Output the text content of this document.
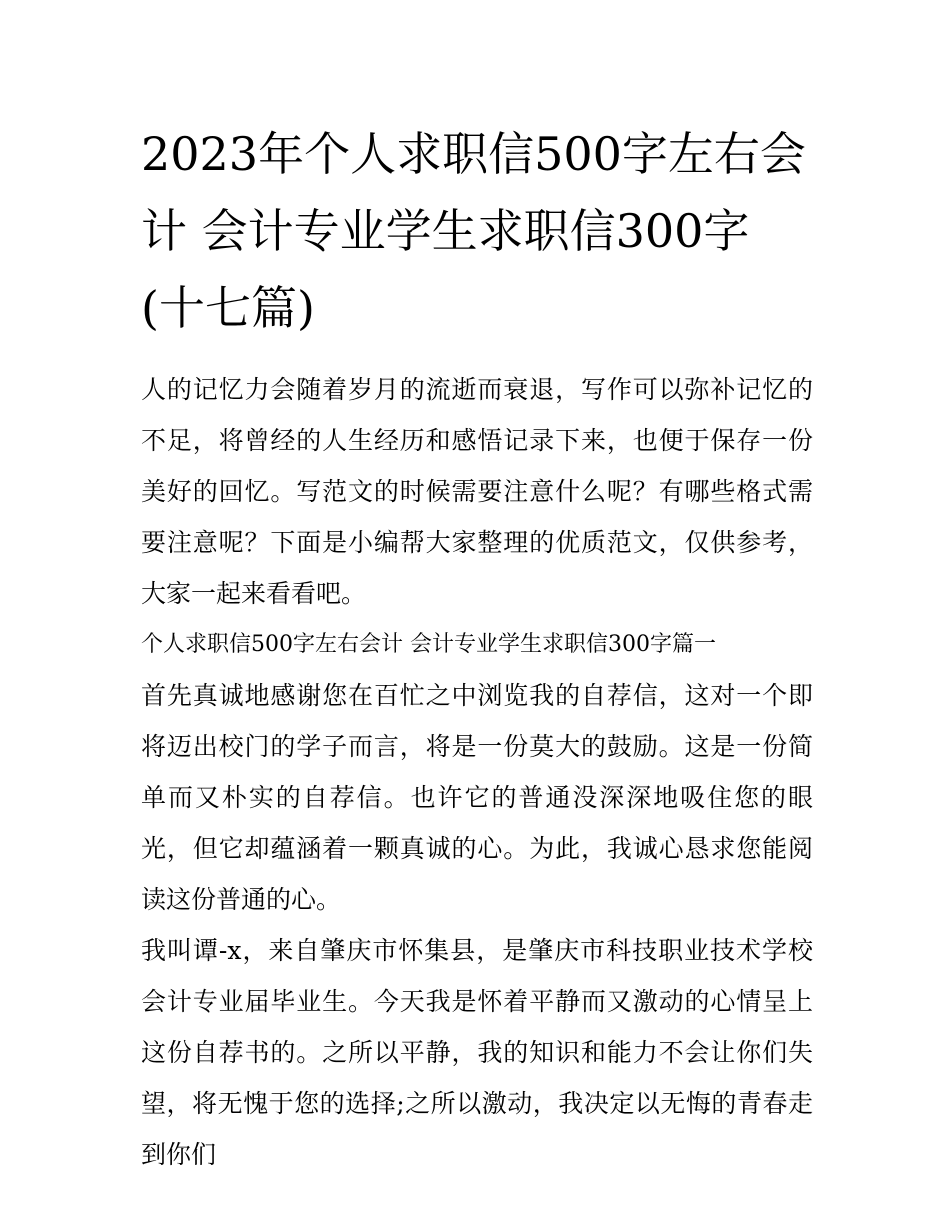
2023年个人求职信500字左右会计 会计专业学生求职信300字(十七篇)

人的记忆力会随着岁月的流逝而衰退，写作可以弥补记忆的不足，将曾经的人生经历和感悟记录下来，也便于保存一份美好的回忆。写范文的时候需要注意什么呢？有哪些格式需要注意呢？下面是小编帮大家整理的优质范文，仅供参考，大家一起来看看吧。

个人求职信500字左右会计 会计专业学生求职信300字篇一

首先真诚地感谢您在百忙之中浏览我的自荐信，这对一个即将迈出校门的学子而言，将是一份莫大的鼓励。这是一份简单而又朴实的自荐信。也许它的普通没深深地吸住您的眼光，但它却蕴涵着一颗真诚的心。为此，我诚心恳求您能阅读这份普通的心。

我叫谭-x，来自肇庆市怀集县，是肇庆市科技职业技术学校会计专业届毕业生。今天我是怀着平静而又激动的心情呈上这份自荐书的。之所以平静，我的知识和能力不会让你们失望，将无愧于您的选择;之所以激动，我决定以无悔的青春走到你们
